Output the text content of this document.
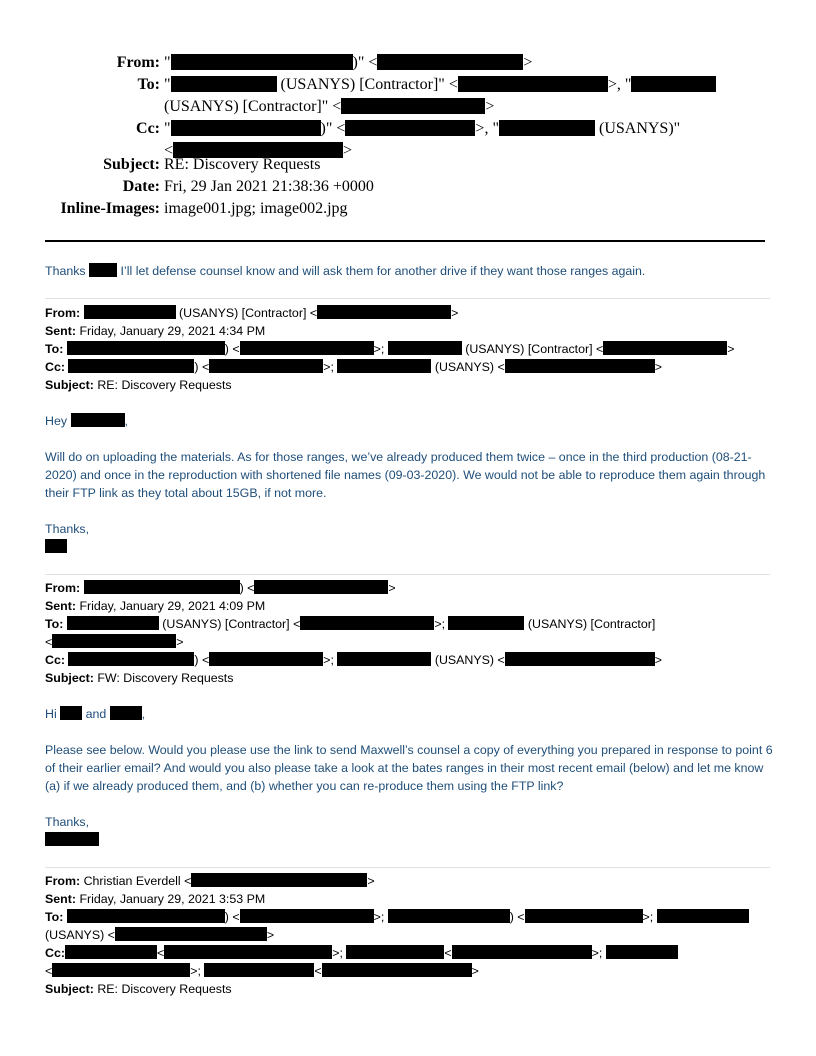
From: "	)" <	>
To: "	(USANYS) [Contractor]" <	>, "
(USANYS) [Contractor]" <	>
Cc: "	)" <	>, "	(USANYS)"
<	>
Subject: RE: Discovery Requests
Date: Fri, 29 Jan 2021 21:38:36 +0000
Inline-Images: image001.jpg; image002.jpg
Thanks	I’ll let defense counsel know and will ask them for another drive if they want those ranges again.
From:	(USANYS) [Contractor] <	>
Sent: Friday, January 29, 2021 4:34 PM
To:	) <	>;	(USANYS) [Contractor] <	>
Cc:	) <	>;	(USANYS) <	>
Subject: RE: Discovery Requests
Hey	,
Will do on uploading the materials. As for those ranges, we’ve already produced them twice – once in the third production (08-21-2020) and once in the reproduction with shortened file names (09-03-2020). We would not be able to reproduce them again through their FTP link as they total about 15GB, if not more.
Thanks,
From:	) <	>
Sent: Friday, January 29, 2021 4:09 PM
To:	(USANYS) [Contractor] <	>;	(USANYS) [Contractor]
<	>
Cc:	) <	>;	(USANYS) <	>
Subject: FW: Discovery Requests
Hi and	,
Please see below. Would you please use the link to send Maxwell’s counsel a copy of everything you prepared in response to point 6 of their earlier email? And would you also please take a look at the bates ranges in their most recent email (below) and let me know (a) if we already produced them, and (b) whether you can re-produce them using the FTP link?
Thanks,
From: Christian Everdell <	>
Sent: Friday, January 29, 2021 3:53 PM
To:	) <	>;	) <	>;
(USANYS) <	>
Cc:	<	>;	<	>;
<	>;	<	>
Subject: RE: Discovery Requests
